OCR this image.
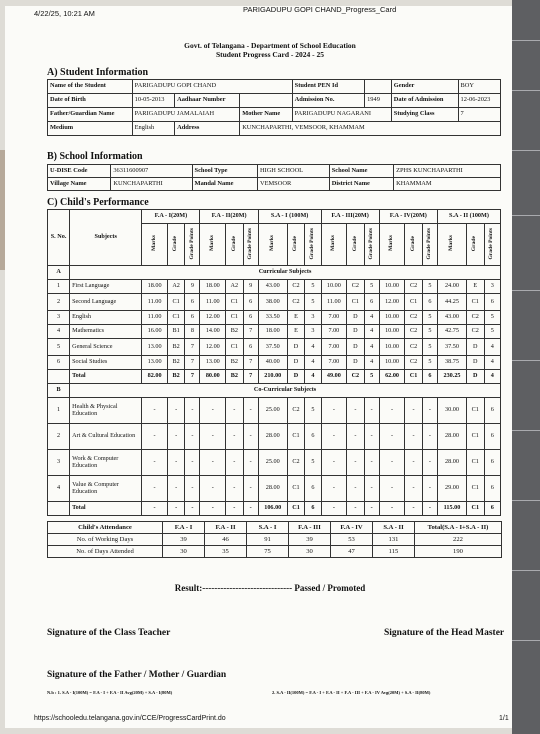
4/22/25, 10:21 AM	PARIGADUPU GOPI CHAND_Progress_Card
Govt. of Telangana - Department of School Education
Student Progress Card - 2024 - 25
A) Student Information
Name of the Student	PARIGADUPU GOPI CHAND			Student PEN Id		Gender	BOY
Date of Birth	10-05-2013	Aadhaar Number		Admission No.	1949	Date of Admission	12-06-2023
Father/Guardian Name	PARIGADUPU JAMALAIAH		Mother Name	PARIGADUPU NAGARANI		Studying Class	7
Medium	English	Address	KUNCHAPARTHI, VEMSOOR, KHAMMAM				
B) School Information
U-DISE Code	36311600907	School Type	HIGH SCHOOL	School Name	ZPHS KUNCHAPARTHI
Village Name	KUNCHAPARTHI	Mandal Name	VEMSOOR	District Name	KHAMMAM
C) Child's Performance
S. No.	Subjects	F.A - I(20M)			F.A - II(20M)			S.A - I (100M)			F.A - III(20M)			F.A - IV(20M)			S.A - II (100M)		
		Marks	Grade	Grade Points	Marks	Grade	Grade Points	Marks	Grade	Grade Points	Marks	Grade	Grade Points	Marks	Grade	Grade Points	Marks	Grade	Grade Points
A	Curricular Subjects																		
1	First Language	18.00	A2	9	18.00	A2	9	43.00	C2	5	10.00	C2	5	10.00	C2	5	24.00	E	3
2	Second Language	11.00	C1	6	11.00	C1	6	38.00	C2	5	11.00	C1	6	12.00	C1	6	44.25	C1	6
3	English	11.00	C1	6	12.00	C1	6	33.50	E	3	7.00	D	4	10.00	C2	5	43.00	C2	5
4	Mathematics	16.00	B1	8	14.00	B2	7	18.00	E	3	7.00	D	4	10.00	C2	5	42.75	C2	5
5	General Science	13.00	B2	7	12.00	C1	6	37.50	D	4	7.00	D	4	10.00	C2	5	37.50	D	4
6	Social Studies	13.00	B2	7	13.00	B2	7	40.00	D	4	7.00	D	4	10.00	C2	5	38.75	D	4
	Total	82.00	B2	7	80.00	B2	7	210.00	D	4	49.00	C2	5	62.00	C1	6	230.25	D	4
B	Co-Curricular Subjects																		
1	Health & Physical Education	-	-	-	-	-	-	25.00	C2	5	-	-	-	-	-	-	30.00	C1	6
2	Art & Cultural Education	-	-	-	-	-	-	28.00	C1	6	-	-	-	-	-	-	28.00	C1	6
3	Work & Computer Education	-	-	-	-	-	-	25.00	C2	5	-	-	-	-	-	-	28.00	C1	6
4	Value & Computer Education	-	-	-	-	-	-	28.00	C1	6	-	-	-	-	-	-	29.00	C1	6
	Total	-	-	-	-	-	-	106.00	C1	6	-	-	-	-	-	-	115.00	C1	6
Child's Attendance	F.A - I	F.A - II	S.A - I	F.A - III	F.A - IV	S.A - II	Total(S.A - I+S.A - II)
No. of Working Days	39	46	91	39	53	131	222
No. of Days Attended	30	35	75	30	47	115	190
Result:------------------------------ Passed / Promoted
Signature of the Class Teacher	Signature of the Head Master
Signature of the Father / Mother / Guardian
N.b : 1. S.A - I(100M) = F.A - I + F.A - II Avg(20M) + S.A - I(80M)	2. S.A - II(100M) = F.A - I + F.A - II + F.A - III + F.A - IV Avg(20M) + S.A - II(80M)
https://schooledu.telangana.gov.in/CCE/ProgressCardPrint.do	1/1
